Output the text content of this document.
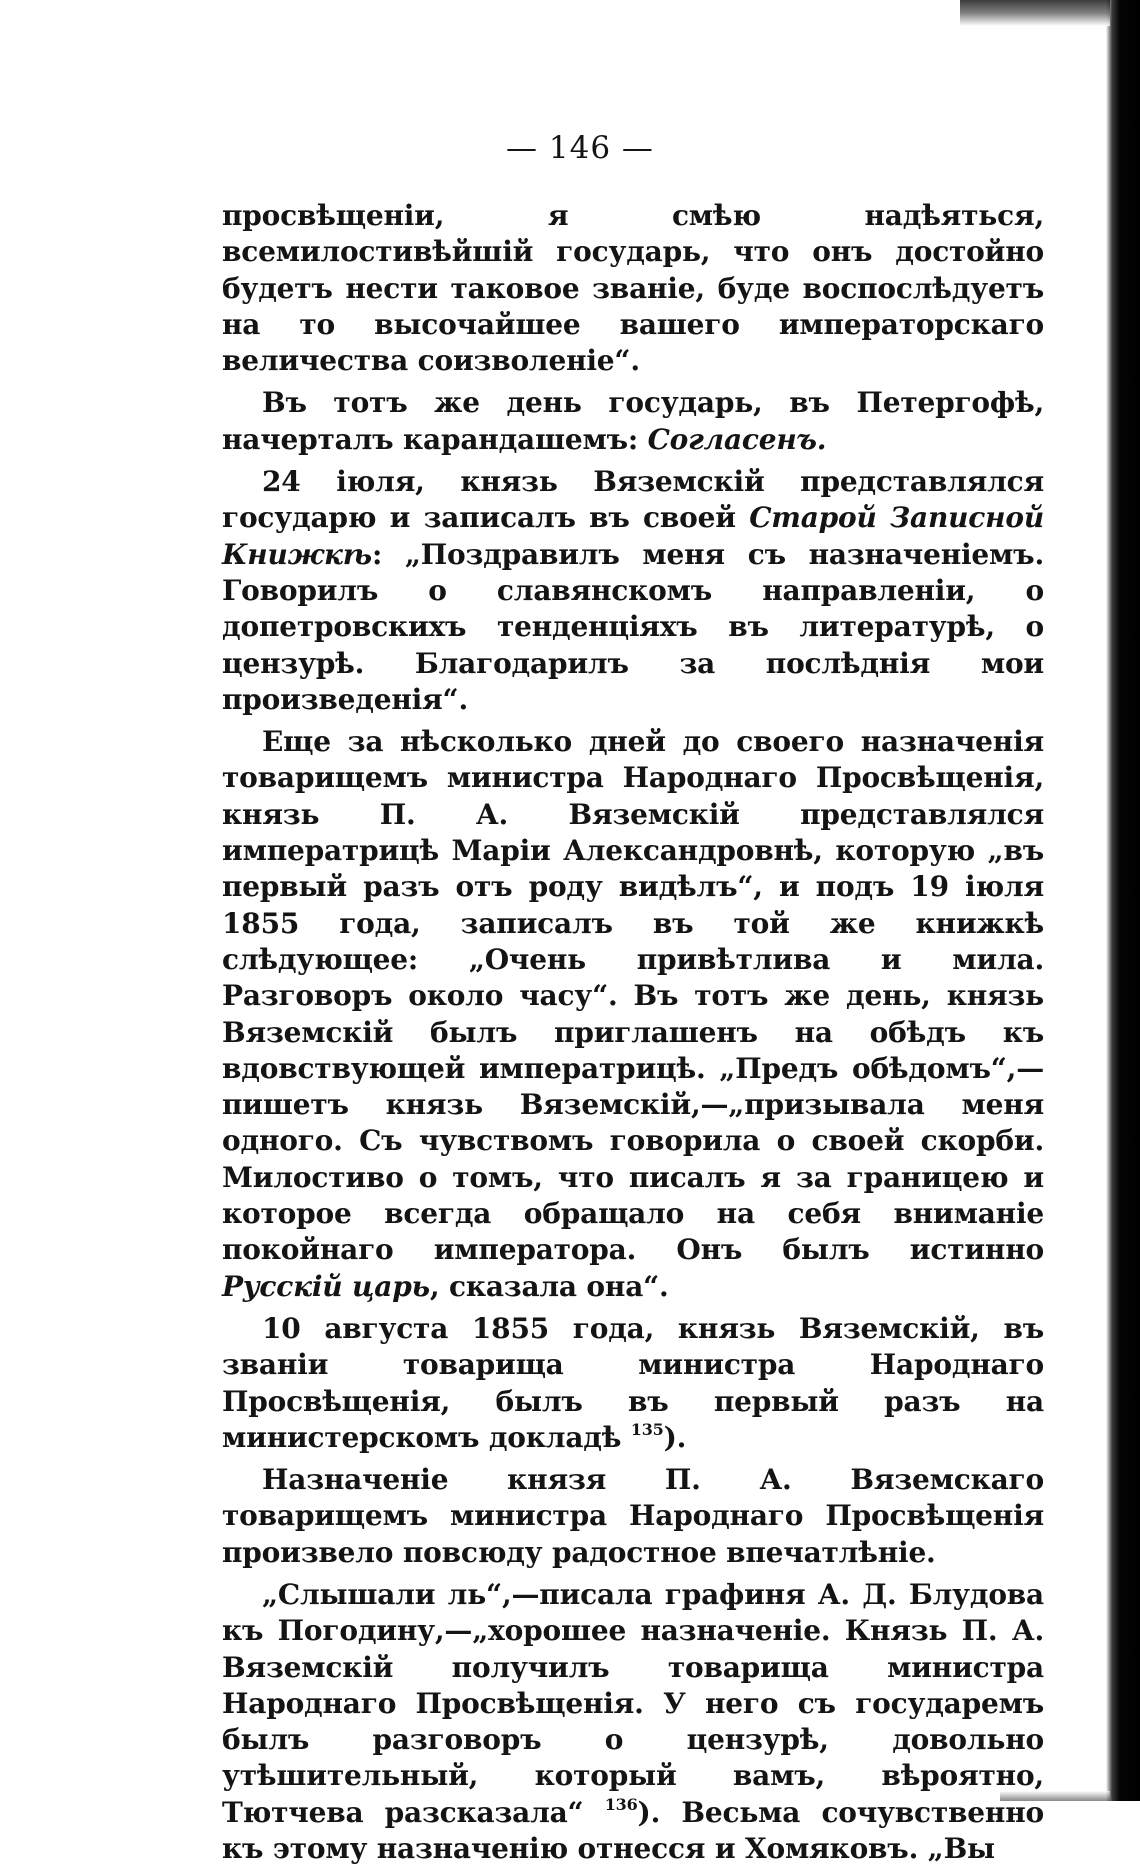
— 146 —

просвѣщеніи, я смѣю надѣяться, всемилостивѣйшій государь, что онъ достойно будетъ нести таковое званіе, буде воспослѣдуетъ на то высочайшее вашего императорскаго величества соизволеніе“.

Въ тотъ же день государь, въ Петергофѣ, начерталъ карандашемъ: Согласенъ.

24 іюля, князь Вяземскій представлялся государю и записалъ въ своей Старой Записной Книжкѣ: „Поздравилъ меня съ назначеніемъ. Говорилъ о славянскомъ направленіи, о допетровскихъ тенденціяхъ въ литературѣ, о цензурѣ. Благодарилъ за послѣднія мои произведенія“.

Еще за нѣсколько дней до своего назначенія товарищемъ министра Народнаго Просвѣщенія, князь П. А. Вяземскій представлялся императрицѣ Маріи Александровнѣ, которую „въ первый разъ отъ роду видѣлъ“, и подъ 19 іюля 1855 года, записалъ въ той же книжкѣ слѣдующее: „Очень привѣтлива и мила. Разговоръ около часу“. Въ тотъ же день, князь Вяземскій былъ приглашенъ на обѣдъ къ вдовствующей императрицѣ. „Предъ обѣдомъ“,—пишетъ князь Вяземскій,—„призывала меня одного. Съ чувствомъ говорила о своей скорби. Милостиво о томъ, что писалъ я за границею и которое всегда обращало на себя вниманіе покойнаго императора. Онъ былъ истинно Русскій царь, сказала она“.

10 августа 1855 года, князь Вяземскій, въ званіи товарища министра Народнаго Просвѣщенія, былъ въ первый разъ на министерскомъ докладѣ $^{135}$).

Назначеніе князя П. А. Вяземскаго товарищемъ министра Народнаго Просвѣщенія произвело повсюду радостное впечатлѣніе.

„Слышали ль“,—писала графиня А. Д. Блудова къ Погодину,—„хорошее назначеніе. Князь П. А. Вяземскій получилъ товарища министра Народнаго Просвѣщенія. У него съ государемъ былъ разговоръ о цензурѣ, довольно утѣшительный, который вамъ, вѣроятно, Тютчева разсказала“ $^{136}$). Весьма сочувственно къ этому назначенію отнесся и Хомяковъ. „Вы
